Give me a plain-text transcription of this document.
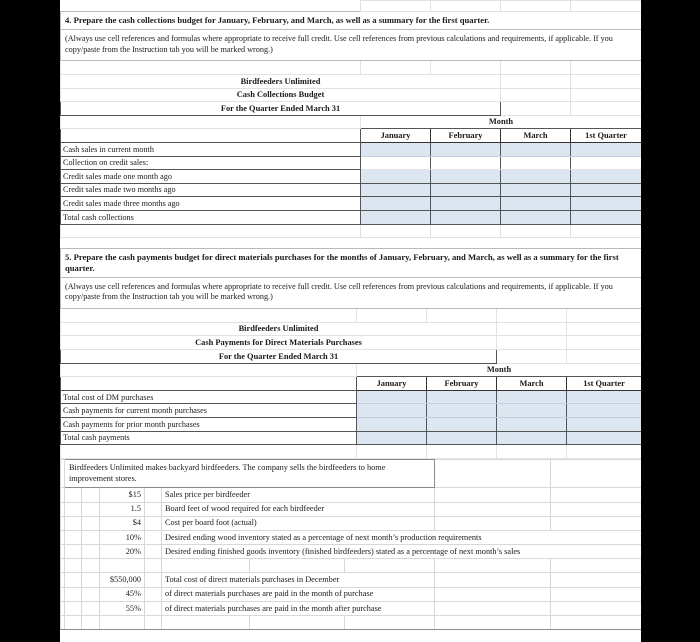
4. Prepare the cash collections budget for January, February, and March, as well as a summary for the first quarter.				
(Always use cell references and formulas where appropriate to receive full credit. Use cell references from previous calculations and requirements, if applicable. If you copy/paste from the Instruction tab you will be marked wrong.)				

Birdfeeders Unlimited				
Cash Collections Budget				
For the Quarter Ended March 31				
	Month			
	January	February	March	1st Quarter
Cash sales in current month				
Collection on credit sales:				
Credit sales made one month ago				
Credit sales made two months ago				
Credit sales made three months ago				
Total cash collections				

5. Prepare the cash payments budget for direct materials purchases for the months of January, February, and March, as well as a summary for the first quarter.				
(Always use cell references and formulas where appropriate to receive full credit. Use cell references from previous calculations and requirements, if applicable. If you copy/paste from the Instruction tab you will be marked wrong.)				

Birdfeeders Unlimited				
Cash Payments for Direct Materials Purchases				
For the Quarter Ended March 31				
	Month			
	January	February	March	1st Quarter
Total cost of DM purchases				
Cash payments for current month purchases				
Cash payments for prior month purchases				
Total cash payments				

	Birdfeeders Unlimited makes backyard birdfeeders. The company sells the birdfeeders to home improvement stores.								
			$15		Sales price per birdfeeder				
			1.5		Board feet of wood required for each birdfeeder				
			$4		Cost per board foot (actual)				
			10%		Desired ending wood inventory stated as a percentage of next month’s production requirements				
			20%		Desired ending finished goods inventory (finished birdfeeders) stated as a percentage of next month’s sales				

			$550,000		Total cost of direct materials purchases in December				
			45%		of direct materials purchases are paid in the month of purchase				
			55%		of direct materials purchases are paid in the month after purchase				
